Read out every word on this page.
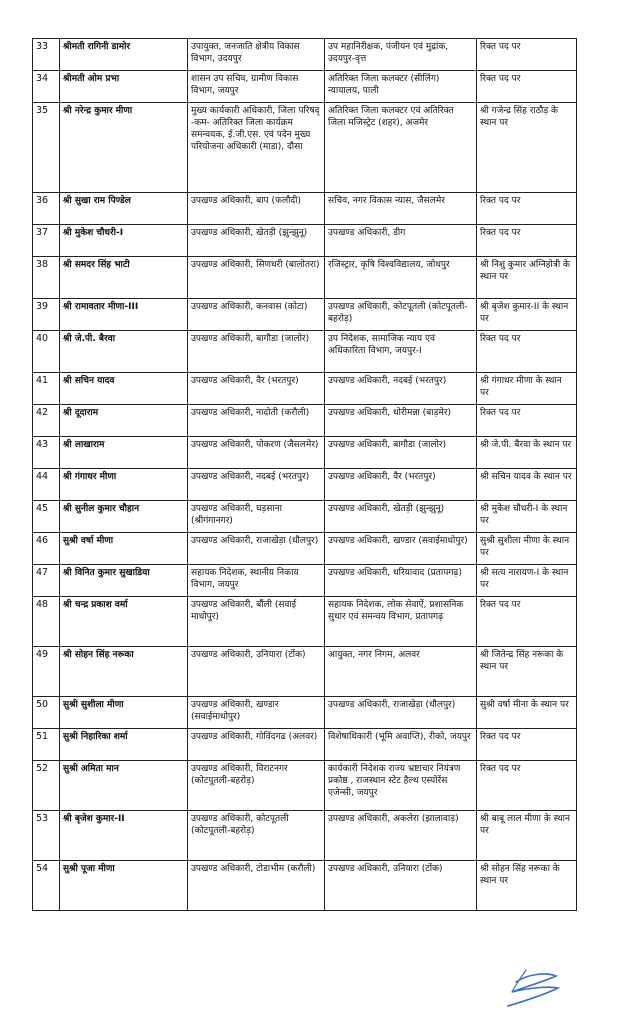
33	श्रीमती रागिनी डामोर	उपायुक्त, जनजाति क्षेत्रीय विकास विभाग, उदयपुर	उप महानिरीक्षक, पंजीयन एवं मुद्रांक, उदयपुर-वृत्त	रिक्त पद पर
34	श्रीमती ओम प्रभा	शासन उप सचिव, ग्रामीण विकास विभाग, जयपुर	अतिरिक्त जिला कलक्टर (सीलिंग) न्यायालय, पाली	रिक्त पद पर
35	श्री नरेन्द्र कुमार मीणा	मुख्य कार्यकारी अधिकारी, जिला परिषद् -कम- अतिरिक्त जिला कार्यक्रम समन्वयक, ई.जी.एस. एवं पदेन मुख्य परियोजना अधिकारी (माडा), दौसा	अतिरिक्त जिला कलक्टर एवं अतिरिक्त जिला मजिस्ट्रेट (शहर), अजमेर	श्री गजेन्द्र सिंह राठौड़ के स्थान पर
36	श्री सुखा राम पिण्डेल	उपखण्ड अधिकारी, बाप (फलौदी)	सचिव, नगर विकास न्यास, जैसलमेर	रिक्त पद पर
37	श्री मुकेश चौधरी-I	उपखण्ड अधिकारी, खेतड़ी (झुन्झुनू)	उपखण्ड अधिकारी, डीग	रिक्त पद पर
38	श्री समदर सिंह भाटी	उपखण्ड अधिकारी, सिणधरी (बालोतरा)	रजिस्ट्रार, कृषि विश्वविद्यालय, जोधपुर	श्री निशु कुमार अग्निहोत्री के स्थान पर
39	श्री रामावतार मीणा-III	उपखण्ड अधिकारी, कनवास (कोटा)	उपखण्ड अधिकारी, कोटपूतली (कोटपूतली-बहरोड़)	श्री बृजेश कुमार-II के स्थान पर
40	श्री जे.पी. बैरवा	उपखण्ड अधिकारी, बागौडा (जालोर)	उप निदेशक, सामाजिक न्याय एवं अधिकारिता विभाग, जयपुर-I	रिक्त पद पर
41	श्री सचिन यादव	उपखण्ड अधिकारी, वैर (भरतपुर)	उपखण्ड अधिकारी, नदबई (भरतपुर)	श्री गंगाधर मीणा के स्थान पर
42	श्री दूदाराम	उपखण्ड अधिकारी, नादोती (करौली)	उपखण्ड अधिकारी, धोरीमन्ना (बाड़मेर)	रिक्त पद पर
43	श्री लाखाराम	उपखण्ड अधिकारी, पोकरण (जैसलमेर)	उपखण्ड अधिकारी, बागौडा (जालोर)	श्री जे.पी. बैरवा के स्थान पर
44	श्री गंगाधर मीणा	उपखण्ड अधिकारी, नदबई (भरतपुर)	उपखण्ड अधिकारी, वैर (भरतपुर)	श्री सचिन यादव के स्थान पर
45	श्री सुनील कुमार चौहान	उपखण्ड अधिकारी, घड़साना (श्रीगंगानगर)	उपखण्ड अधिकारी, खेतड़ी (झुन्झुनू)	श्री मुकेश चौधरी-I के स्थान पर
46	सुश्री वर्षा मीणा	उपखण्ड अधिकारी, राजाखेड़ा (धौलपुर)	उपखण्ड अधिकारी, खण्डार (सवाईमाधोपुर)	सुश्री सुशीला मीणा के स्थान पर
47	श्री विनित कुमार सुखाडिया	सहायक निदेशक, स्थानीय निकाय विभाग, जयपुर	उपखण्ड अधिकारी, धरियावाद (प्रतापगढ़)	श्री सत्य नारायण-I के स्थान पर
48	श्री चन्द्र प्रकाश वर्मा	उपखण्ड अधिकारी, बौंली (सवाई माधोपुर)	सहायक निदेशक, लोक सेवाऐं, प्रशासनिक सुधार एवं समन्वय विभाग, प्रतापगढ़	रिक्त पद पर
49	श्री सोहन सिंह नरूका	उपखण्ड अधिकारी, उनियारा (टोंक)	आयुक्त, नगर निगम, अलवर	श्री जितेन्द्र सिंह नरूका के स्थान पर
50	सुश्री सुशीला मीणा	उपखण्ड अधिकारी, खण्डार (सवाईमाधोपुर)	उपखण्ड अधिकारी, राजाखेड़ा (धौलपुर)	सुश्री वर्षा मीना के स्थान पर
51	सुश्री निहारिका शर्मा	उपखण्ड अधिकारी, गोविंदगढ (अलवर)	विशेषाधिकारी (भूमि अवाप्ति), रीको, जयपुर	रिक्त पद पर
52	सुश्री अमिता मान	उपखण्ड अधिकारी, विराटनगर (कोटपूतली-बहरोड़)	कार्यकारी निदेशक राज्य भ्रष्टाचार नियंत्रण प्रकोष्ठ , राजस्थान स्टेट हैल्थ एस्योरेंस एजेन्सी, जयपुर	रिक्त पद पर
53	श्री बृजेश कुमार-II	उपखण्ड अधिकारी, कोटपूतली (कोटपूतली-बहरोड़)	उपखण्ड अधिकारी, अकलेरा (झालावाड़)	श्री बाबू लाल मीणा के स्थान पर
54	सुश्री पूजा मीणा	उपखण्ड अधिकारी, टोडाभीम (करौली)	उपखण्ड अधिकारी, उनियारा (टोंक)	श्री सोहन सिंह नरूका के स्थान पर
